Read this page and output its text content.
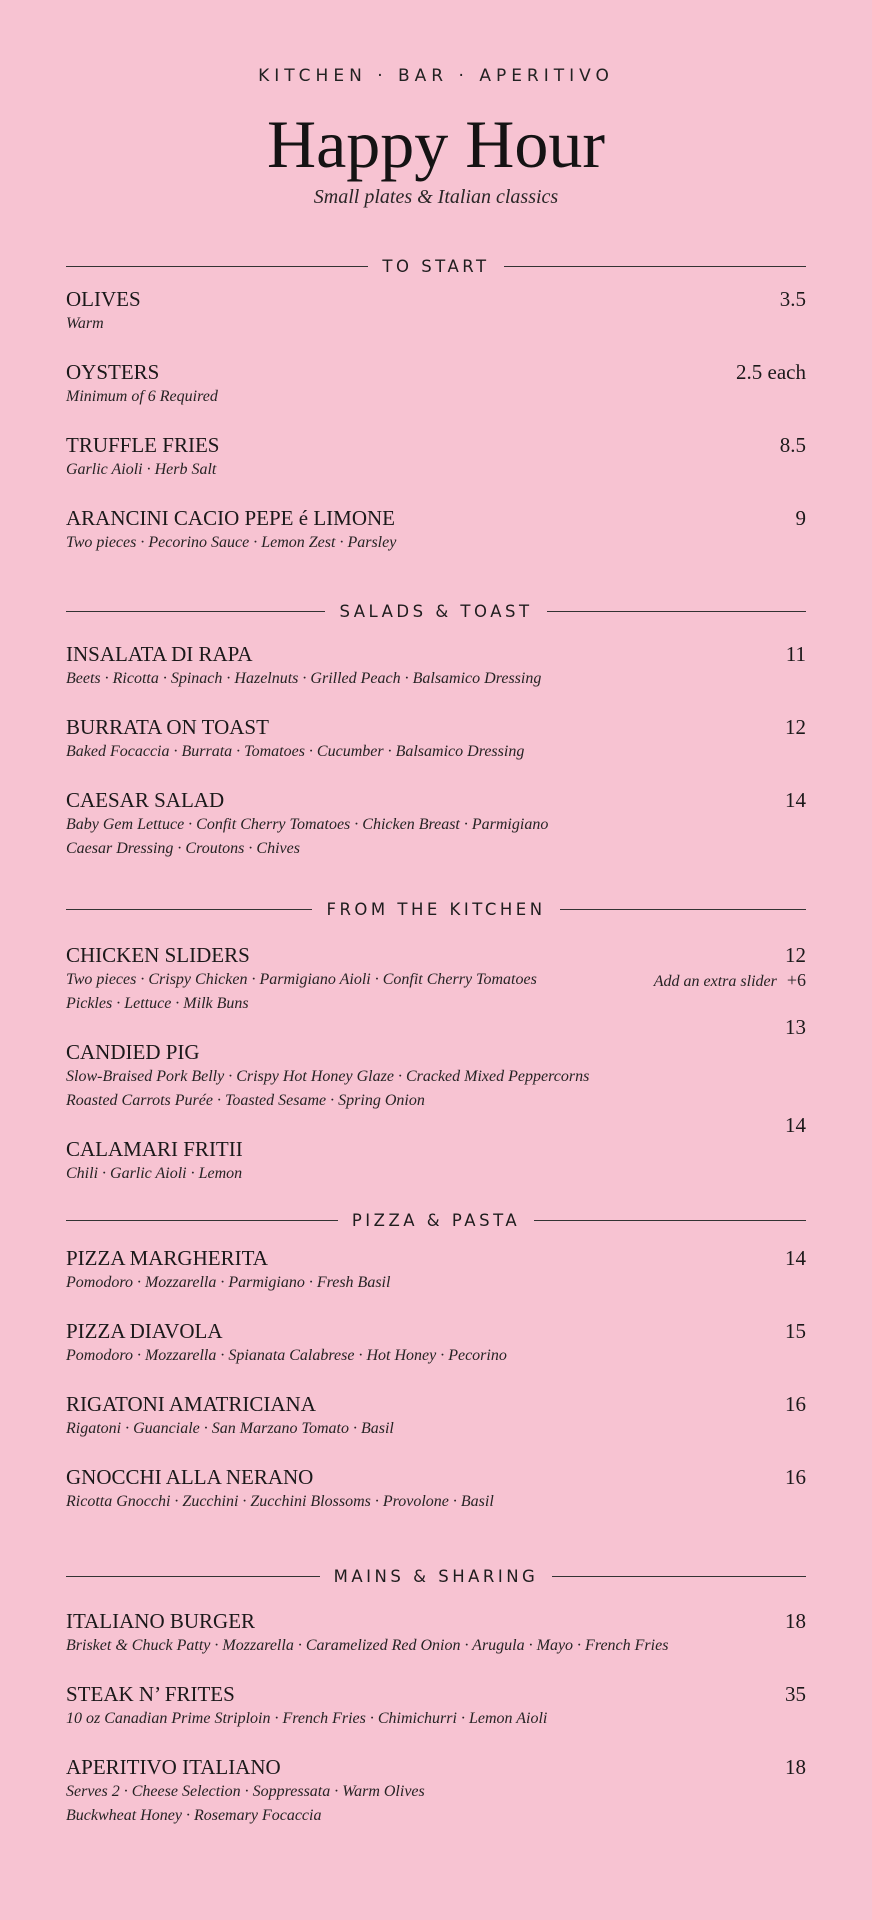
KITCHEN · BAR · APERITIVO
Happy Hour
Small plates & Italian classics
TO START
OLIVES
Warm
3.5
OYSTERS
Minimum of 6 Required
2.5 each
TRUFFLE FRIES
Garlic Aioli · Herb Salt
8.5
ARANCINI CACIO PEPE é LIMONE
Two pieces · Pecorino Sauce · Lemon Zest · Parsley
9
SALADS & TOAST
INSALATA DI RAPA
Beets · Ricotta · Spinach · Hazelnuts · Grilled Peach · Balsamico Dressing
11
BURRATA ON TOAST
Baked Focaccia · Burrata · Tomatoes · Cucumber · Balsamico Dressing
12
CAESAR SALAD
Baby Gem Lettuce · Confit Cherry Tomatoes · Chicken Breast · Parmigiano
Caesar Dressing · Croutons · Chives
14
FROM THE KITCHEN
CHICKEN SLIDERS
Two pieces · Crispy Chicken · Parmigiano Aioli · Confit Cherry Tomatoes
Pickles · Lettuce · Milk Buns
12
Add an extra slider +6
13
CANDIED PIG
Slow-Braised Pork Belly · Crispy Hot Honey Glaze · Cracked Mixed Peppercorns
Roasted Carrots Purée · Toasted Sesame · Spring Onion
14
CALAMARI FRITII
Chili · Garlic Aioli · Lemon
PIZZA & PASTA
PIZZA MARGHERITA
Pomodoro · Mozzarella · Parmigiano · Fresh Basil
14
PIZZA DIAVOLA
Pomodoro · Mozzarella · Spianata Calabrese · Hot Honey · Pecorino
15
RIGATONI AMATRICIANA
Rigatoni · Guanciale · San Marzano Tomato · Basil
16
GNOCCHI ALLA NERANO
Ricotta Gnocchi · Zucchini · Zucchini Blossoms · Provolone · Basil
16
MAINS & SHARING
ITALIANO BURGER
Brisket & Chuck Patty · Mozzarella · Caramelized Red Onion · Arugula · Mayo · French Fries
18
STEAK N’ FRITES
10 oz Canadian Prime Striploin · French Fries · Chimichurri · Lemon Aioli
35
APERITIVO ITALIANO
Serves 2 · Cheese Selection · Soppressata · Warm Olives
Buckwheat Honey · Rosemary Focaccia
18
